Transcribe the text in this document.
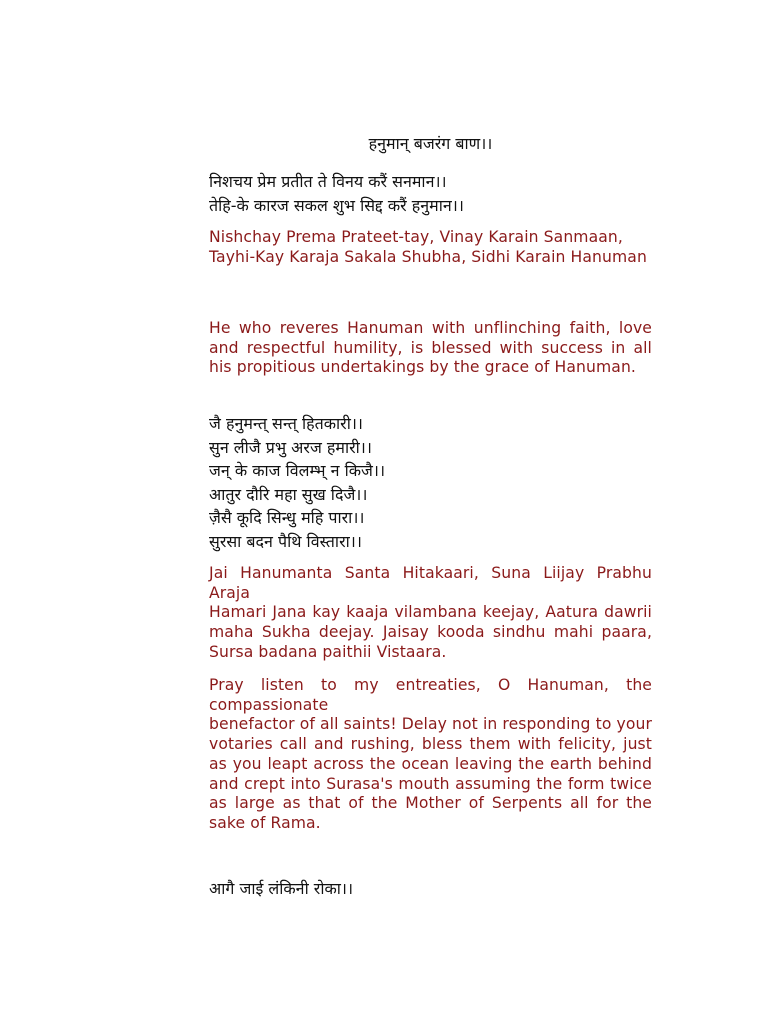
हनुमान् बजरंग बाण।।
निशचय प्रेम प्रतीत ते विनय करैं सनमान।।
तेहि-के कारज सकल शुभ सिद्द करैं हनुमान।।

Nishchay Prema Prateet-tay, Vinay Karain Sanmaan,

Tayhi-Kay Karaja Sakala Shubha, Sidhi Karain Hanuman

He who reveres Hanuman with unflinching faith, love and respectful humility, is blessed with success in all his propitious undertakings by the grace of Hanuman.

जै हनुमन्त् सन्त् हितकारी।।
सुन लीजै प्रभु अरज हमारी।।
जन् के काज विलम्भ् न किजै।।
आतुर दौरि महा सुख दिजै।।
ज़ैसै कूदि सिन्धु महि पारा।।
सुरसा बदन पैथि विस्तारा।।

Jai Hanumanta Santa Hitakaari, Suna Liijay Prabhu Araja

Hamari Jana kay kaaja vilambana keejay, Aatura dawrii maha Sukha deejay. Jaisay kooda sindhu mahi paara, Sursa badana paithii Vistaara.

Pray listen to my entreaties, O Hanuman, the compassionate

benefactor of all saints! Delay not in responding to your votaries call and rushing, bless them with felicity, just as you leapt across the ocean leaving the earth behind and crept into Surasa's mouth assuming the form twice as large as that of the Mother of Serpents all for the sake of Rama.

आगै जाई लंकिनी रोका।।
